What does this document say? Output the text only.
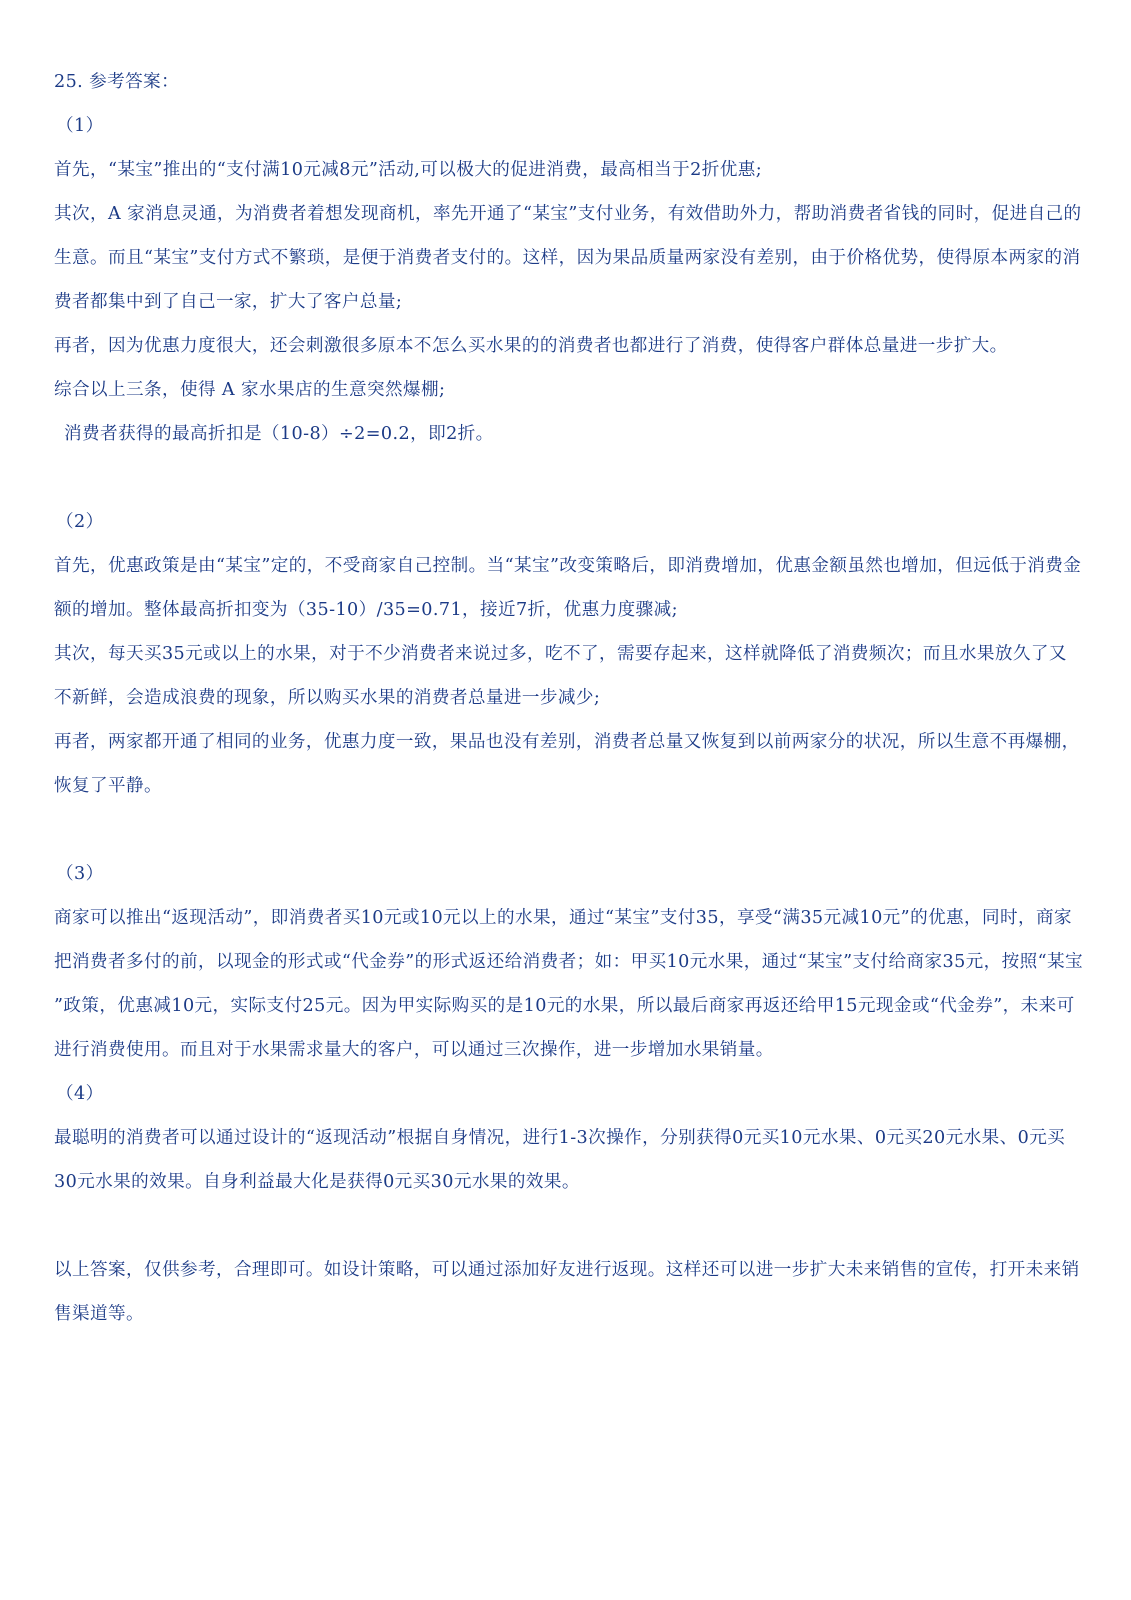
25. 参考答案：
（1）
首先，“某宝”推出的“支付满10元减8元”活动,可以极大的促进消费，最高相当于2折优惠;
其次，A 家消息灵通，为消费者着想发现商机，率先开通了“某宝”支付业务，有效借助外力，帮助消费者省钱的同时，促进自己的生意。而且“某宝”支付方式不繁琐，是便于消费者支付的。这样，因为果品质量两家没有差别，由于价格优势，使得原本两家的消费者都集中到了自己一家，扩大了客户总量;
再者，因为优惠力度很大，还会刺激很多原本不怎么买水果的的消费者也都进行了消费，使得客户群体总量进一步扩大。
综合以上三条，使得 A 家水果店的生意突然爆棚;
消费者获得的最高折扣是（10-8）÷2=0.2，即2折。
（2）
首先，优惠政策是由“某宝”定的，不受商家自己控制。当“某宝”改变策略后，即消费增加，优惠金额虽然也增加，但远低于消费金额的增加。整体最高折扣变为（35-10）/35=0.71，接近7折，优惠力度骤减;
其次，每天买35元或以上的水果，对于不少消费者来说过多，吃不了，需要存起来，这样就降低了消费频次；而且水果放久了又不新鲜，会造成浪费的现象，所以购买水果的消费者总量进一步减少;
再者，两家都开通了相同的业务，优惠力度一致，果品也没有差别，消费者总量又恢复到以前两家分的状况，所以生意不再爆棚，恢复了平静。
（3）
商家可以推出“返现活动”，即消费者买10元或10元以上的水果，通过“某宝”支付35，享受“满35元减10元”的优惠，同时，商家把消费者多付的前，以现金的形式或“代金券”的形式返还给消费者；如：甲买10元水果，通过“某宝”支付给商家35元，按照“某宝
”政策，优惠减10元，实际支付25元。因为甲实际购买的是10元的水果，所以最后商家再返还给甲15元现金或“代金券”，未来可进行消费使用。而且对于水果需求量大的客户，可以通过三次操作，进一步增加水果销量。
（4）
最聪明的消费者可以通过设计的“返现活动”根据自身情况，进行1-3次操作，分别获得0元买10元水果、0元买20元水果、0元买30元水果的效果。自身利益最大化是获得0元买30元水果的效果。
以上答案，仅供参考，合理即可。如设计策略，可以通过添加好友进行返现。这样还可以进一步扩大未来销售的宣传，打开未来销售渠道等。
